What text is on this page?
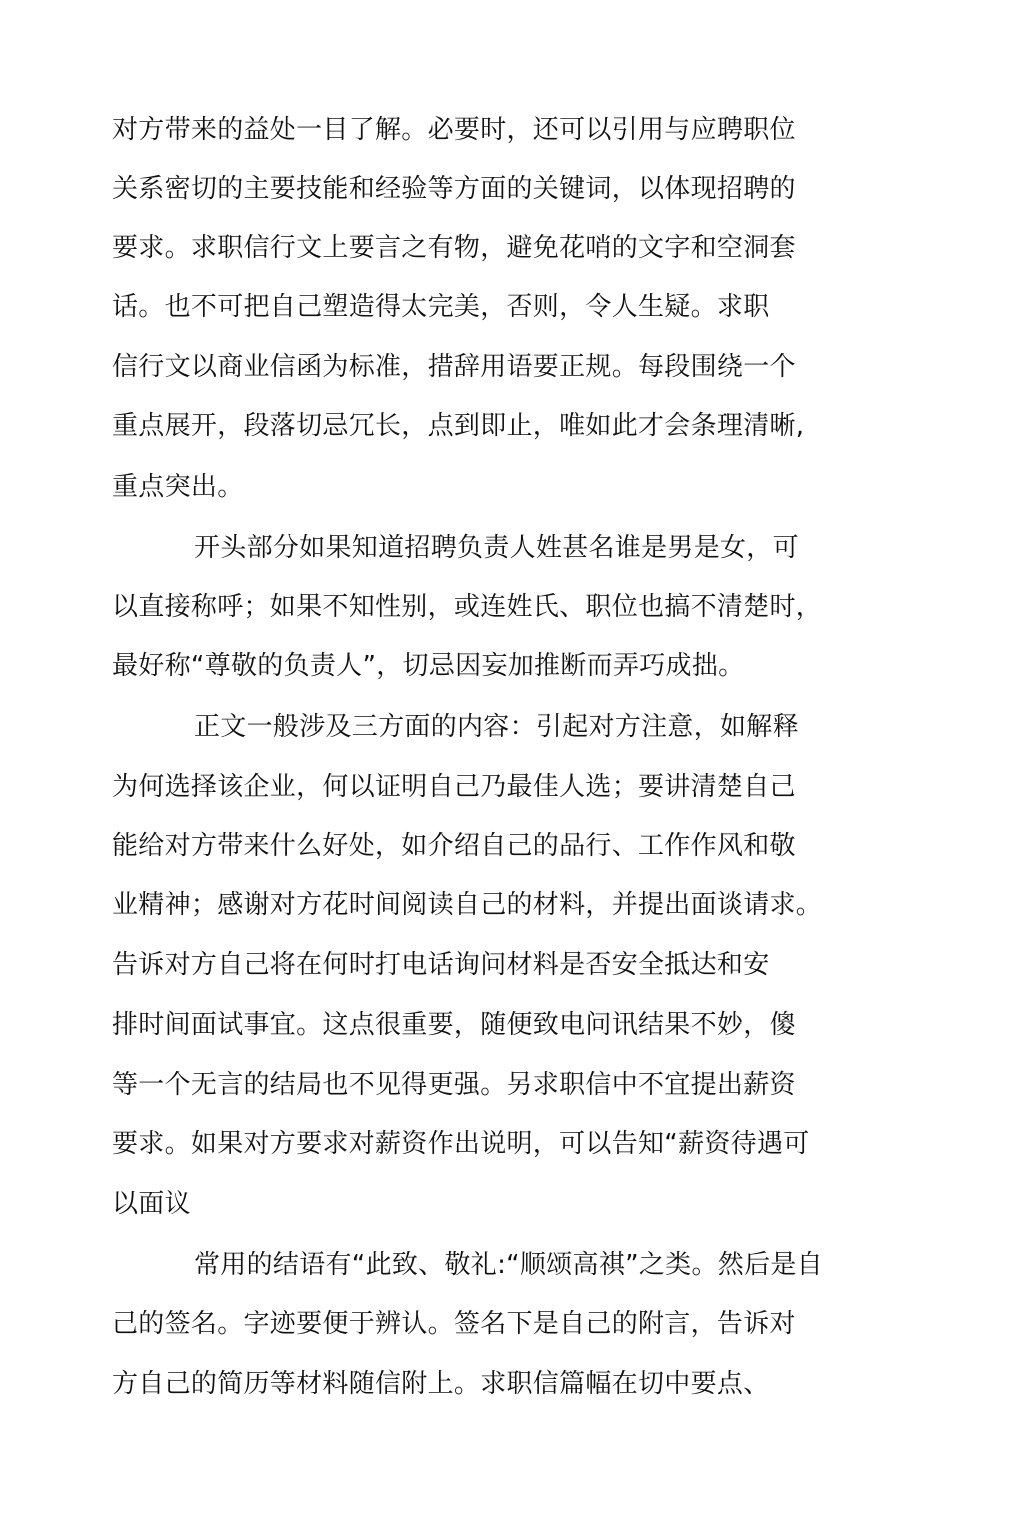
对方带来的益处一目了解。必要时，还可以引用与应聘职位
关系密切的主要技能和经验等方面的关键词，以体现招聘的
要求。求职信行文上要言之有物，避免花哨的文字和空洞套
话。也不可把自己塑造得太完美，否则，令人生疑。求职
信行文以商业信函为标准，措辞用语要正规。每段围绕一个
重点展开，段落切忌冗长，点到即止，唯如此才会条理清晰,
重点突出。
开头部分如果知道招聘负责人姓甚名谁是男是女，可
以直接称呼；如果不知性别，或连姓氏、职位也搞不清楚时，
最好称“尊敬的负责人”，切忌因妄加推断而弄巧成拙。
正文一般涉及三方面的内容：引起对方注意，如解释
为何选择该企业，何以证明自己乃最佳人选；要讲清楚自己
能给对方带来什么好处，如介绍自己的品行、工作作风和敬
业精神；感谢对方花时间阅读自己的材料，并提出面谈请求。
告诉对方自己将在何时打电话询问材料是否安全抵达和安
排时间面试事宜。这点很重要，随便致电问讯结果不妙，傻
等一个无言的结局也不见得更强。另求职信中不宜提出薪资
要求。如果对方要求对薪资作出说明，可以告知“薪资待遇可
以面议
常用的结语有“此致、敬礼:“顺颂高祺”之类。然后是自
己的签名。字迹要便于辨认。签名下是自己的附言，告诉对
方自己的简历等材料随信附上。求职信篇幅在切中要点、
